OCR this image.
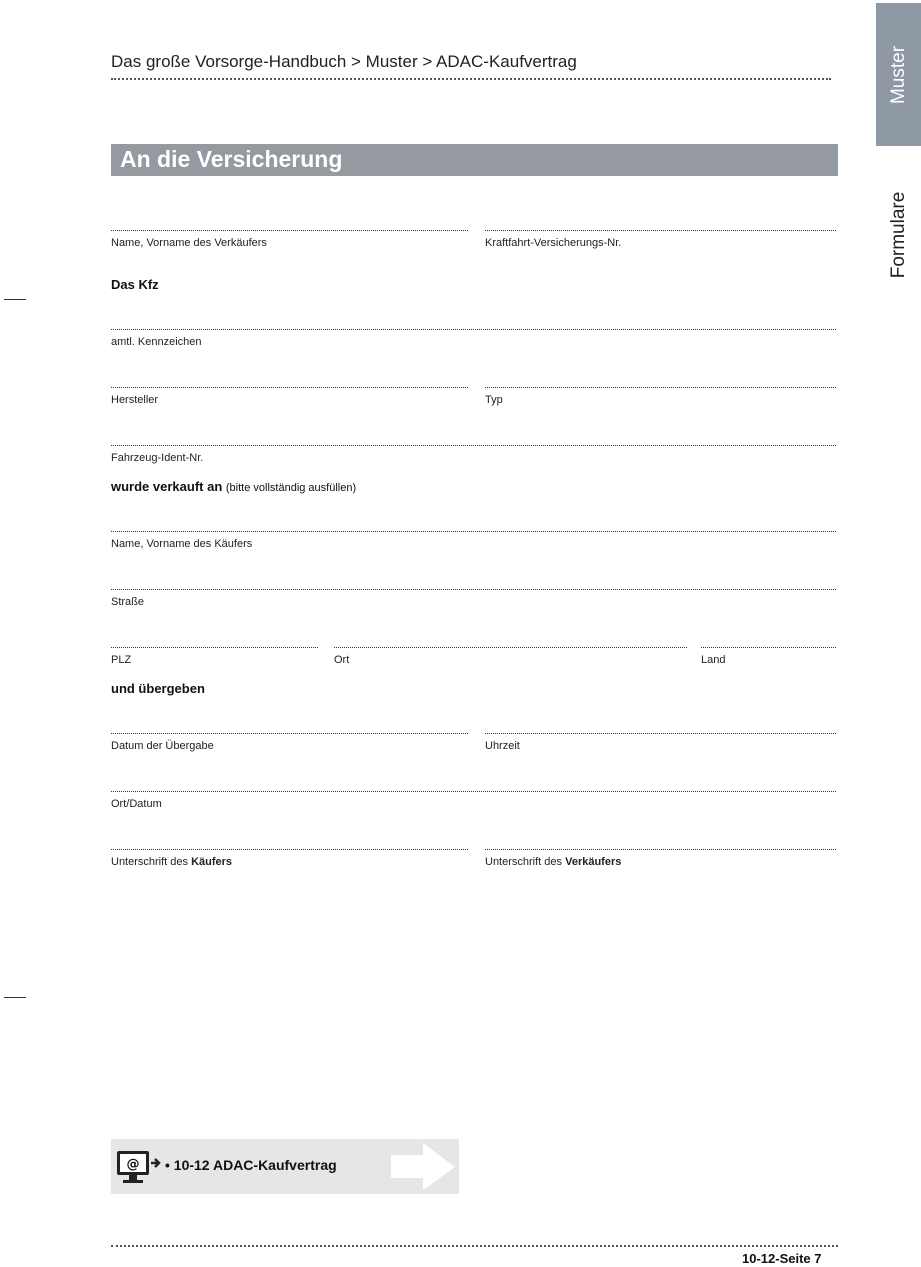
Das große Vorsorge-Handbuch > Muster > ADAC-Kaufvertrag	Muster
Formulare
An die Versicherung
Name, Vorname des Verkäufers	Kraftfahrt-Versicherungs-Nr.
Das Kfz
amtl. Kennzeichen
Hersteller	Typ
Fahrzeug-Ident-Nr.
wurde verkauft an (bitte vollständig ausfüllen)
Name, Vorname des Käufers
Straße
PLZ	Ort	Land
und übergeben
Datum der Übergabe	Uhrzeit
Ort/Datum
Unterschrift des Käufers	Unterschrift des Verkäufers
@ • 10-12 ADAC-Kaufvertrag
10-12-Seite 7
